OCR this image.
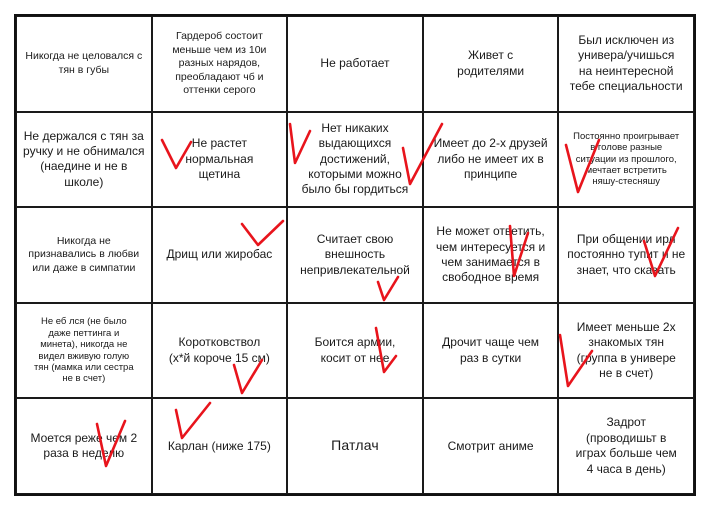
Никогда не целовался с
тян в губы
Гардероб состоит
меньше чем из 10и
разных нарядов,
преобладают чб и
оттенки серого
Не работает
Живет с
родителями
Был исключен из
универa/учишься
на неинтересной
тебе специальности
Не держался с тян за
ручку и не обнимался
(наедине и не в
школе)
Не растет
нормальная
щетина
Нет никаких
выдающихся
достижений,
которыми можно
было бы гордиться
Имеет до 2-х друзей
либо не имеет их в
принципе
Постоянно проигрывает
в голове разные
ситуации из прошлого,
мечтает встретить
няшу-стесняшу
Никогда не
признавались в любви
или даже в симпатии
Дрищ или жиробас
Считает свою
внешность
непривлекательной
Не может ответить,
чем интересуется и
чем занимается в
свободное время
При общении ирл
постоянно тупит и не
знает, что сказать
Не еб лся (не было
даже петтинга и
минета), никогда не
видел вживую голую
тян (мамка или сестра
не в счет)
Коротковствол
(х*й короче 15 см)
Боится армии,
косит от нее
Дрочит чаще чем
раз в сутки
Имеет меньше 2х
знакомых тян
(группа в универе
не в счет)
Моется реже чем 2
раза в неделю
Карлан (ниже 175)	Патлач	Смотрит аниме
Задрот
(проводишьт в
играх больше чем
4 часа в день)
